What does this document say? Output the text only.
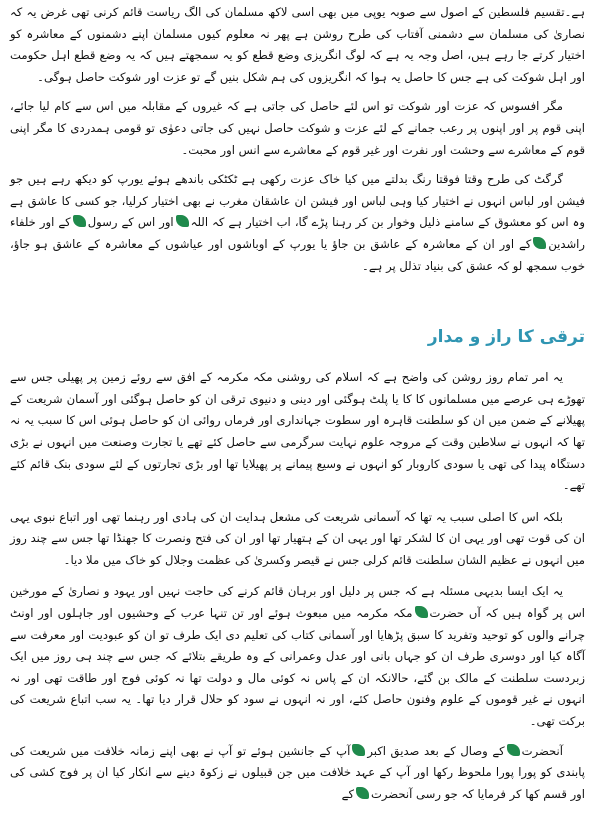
ہے۔تقسیم فلسطین کے اصول سے صوبہ یوپی میں بھی اسی لاکھ مسلمان کی الگ ریاست قائم کرنی تھی غرض یہ کہ نصاریٰ کی مسلمان سے دشمنی آفتاب کی طرح روشن ہے پھر نہ معلوم کیوں مسلمان اپنے دشمنوں کے معاشرہ کو اختیار کرتے جا رہے ہیں، اصل وجہ یہ ہے کہ لوگ انگریزی وضع قطع کو یہ سمجھتے ہیں کہ یہ وضع قطع اہل حکومت اور اہل شوکت کی ہے جس کا حاصل یہ ہوا کہ انگریزوں کی ہم شکل بنیں گے تو عزت اور شوکت حاصل ہوگی۔

مگر افسوس کہ عزت اور شوکت تو اس لئے حاصل کی جاتی ہے کہ غیروں کے مقابلہ میں اس سے کام لیا جائے، اپنی قوم پر اور اپنوں پر رعب جمانے کے لئے عزت و شوکت حاصل نہیں کی جاتی دعوٰی تو قومی ہمدردی کا مگر اپنی قوم کے معاشرے سے وحشت اور نفرت اور غیر قوم کے معاشرے سے انس اور محبت۔

گرگٹ کی طرح وقتا فوقتا رنگ بدلتے میں کیا خاک عزت رکھی ہے ٹکٹکی باندھے ہوئے یورپ کو دیکھ رہے ہیں جو فیشن اور لباس انہوں نے اختیار کیا وہی لباس اور فیشن ان عاشقان مغرب نے بھی اختیار کرلیا، جو کسی کا عاشق ہے وہ اس کو معشوق کے سامنے ذلیل وخوار بن کر رہنا پڑے گا، اب اختیار ہے کہ اللہاور اس کے رسولکے اور خلفاء راشدینکے اور ان کے معاشرہ کے عاشق بن جاؤ یا یورپ کے اوباشوں اور عیاشوں کے معاشرہ کے عاشق ہو جاؤ، خوب سمجھ لو کہ عشق کی بنیاد تذلل پر ہے۔

ترقی کا راز و مدار

یہ امر تمام روز روشن کی واضح ہے کہ اسلام کی روشنی مکہ مکرمہ کے افق سے روئے زمین پر پھیلی جس سے تھوڑے ہی عرصے میں مسلمانوں کا کا یا پلٹ ہوگئی اور دینی و دنیوی ترقی ان کو حاصل ہوگئی اور آسمان شریعت کے پھیلانے کے ضمن میں ان کو سلطنت قاہرہ اور سطوت جہانداری اور فرماں روائی ان کو حاصل ہوئی اس کا سبب یہ نہ تھا کہ انہوں نے سلاطین وقت کے مروجہ علوم نہایت سرگرمی سے حاصل کئے تھے یا تجارت وصنعت میں انہوں نے بڑی دستگاہ پیدا کی تھی یا سودی کاروبار کو انہوں نے وسیع پیمانے پر پھیلایا تھا اور بڑی تجارتوں کے لئے سودی بنک قائم کئے تھے۔

بلکہ اس کا اصلی سبب یہ تھا کہ آسمانی شریعت کی مشعل ہدایت ان کی ہادی اور رہنما تھی اور اتباع نبوی یہی ان کی قوت تھی اور یہی ان کا لشکر تھا اور یہی ان کے ہتھیار تھا اور ان کی فتح ونصرت کا جھنڈا تھا جس سے چند روز میں انہوں نے عظیم الشان سلطنت قائم کرلی جس نے قیصر وکسریٰ کی عظمت وجلال کو خاک میں ملا دیا۔

یہ ایک ایسا بدیہی مسئلہ ہے کہ جس پر دلیل اور برہان قائم کرنے کی حاجت نہیں اور یہود و نصاریٰ کے مورخین اس پر گواہ ہیں کہ آں حضرتمکہ مکرمہ میں مبعوث ہوئے اور تن تنہا عرب کے وحشیوں اور جاہلوں اور اونٹ چرانے والوں کو توحید وتفرید کا سبق پڑھایا اور آسمانی کتاب کی تعلیم دی ایک طرف تو ان کو عبودیت اور معرفت سے آگاہ کیا اور دوسری طرف ان کو جہاں بانی اور عدل وعمرانی کے وہ طریقے بتلائے کہ جس سے چند ہی روز میں ایک زبردست سلطنت کے مالک بن گئے، حالانکہ ان کے پاس نہ کوئی مال و دولت تھا نہ کوئی فوج اور طاقت تھی اور نہ انہوں نے غیر قوموں کے علوم وفنون حاصل کئے، اور نہ انہوں نے سود کو حلال قرار دیا تھا۔ یہ سب اتباع شریعت کی برکت تھی۔

آنحضرتکے وصال کے بعد صدیق اکبرآپ کے جانشین ہوئے تو آپ نے بھی اپنے زمانہ خلافت میں شریعت کی پابندی کو پورا پورا ملحوظ رکھا اور آپ کے عہد خلافت میں جن قبیلوں نے زکوۃ دینے سے انکار کیا ان پر فوج کشی کی اور قسم کھا کر فرمایا کہ جو رسی آنحضرتکے
